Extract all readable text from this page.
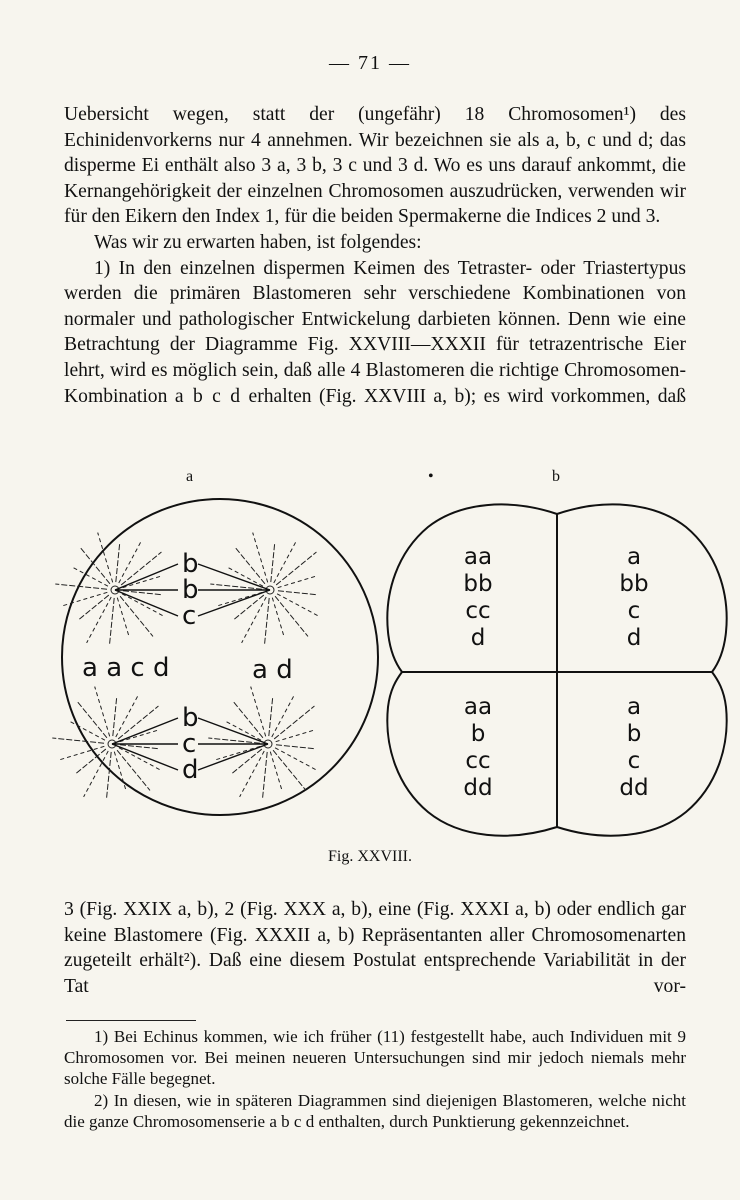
— 71 —

Uebersicht wegen, statt der (ungefähr) 18 Chromosomen¹) des Echinidenvorkerns nur 4 annehmen. Wir bezeichnen sie als a, b, c und d; das disperme Ei enthält also 3 a, 3 b, 3 c und 3 d. Wo es uns darauf ankommt, die Kernangehörigkeit der einzelnen Chromosomen auszudrücken, verwenden wir für den Eikern den Index 1, für die beiden Spermakerne die Indices 2 und 3.

Was wir zu erwarten haben, ist folgendes:

1) In den einzelnen dispermen Keimen des Tetraster- oder Triastertypus werden die primären Blastomeren sehr verschiedene Kombinationen von normaler und pathologischer Entwickelung darbieten können. Denn wie eine Betrachtung der Diagramme Fig. XXVIII—XXXII für tetrazentrische Eier lehrt, wird es möglich sein, daß alle 4 Blastomeren die richtige Chromosomen-Kombination a b c d erhalten (Fig. XXVIII a, b); es wird vorkommen, daß

a	•	b
b
b
c
a a c d	a d
b
c
d
aa
bb
cc
d
a
bb
c
d
aa
b
cc
dd
a
b
c
dd
Fig. XXVIII.

3 (Fig. XXIX a, b), 2 (Fig. XXX a, b), eine (Fig. XXXI a, b) oder endlich gar keine Blastomere (Fig. XXXII a, b) Repräsentanten aller Chromosomenarten zugeteilt erhält²). Daß eine diesem Postulat entsprechende Variabilität in der Tat vor-

1) Bei Echinus kommen, wie ich früher (11) festgestellt habe, auch Individuen mit 9 Chromosomen vor. Bei meinen neueren Untersuchungen sind mir jedoch niemals mehr solche Fälle begegnet.

2) In diesen, wie in späteren Diagrammen sind diejenigen Blastomeren, welche nicht die ganze Chromosomenserie a b c d enthalten, durch Punktierung gekennzeichnet.
